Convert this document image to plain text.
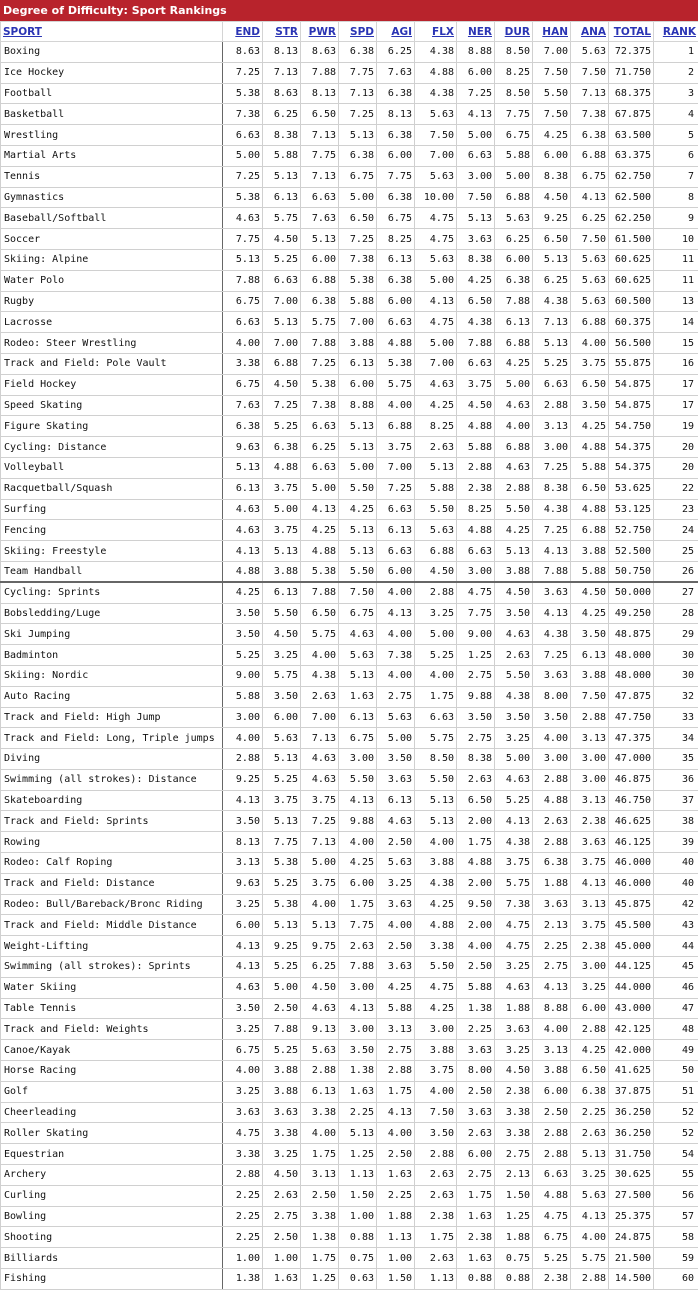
Degree of Difficulty: Sport Rankings
SPORT	END	STR	PWR	SPD	AGI	FLX	NER	DUR	HAN	ANA	TOTAL	RANK
Boxing	8.63	8.13	8.63	6.38	6.25	4.38	8.88	8.50	7.00	5.63	72.375	1
Ice Hockey	7.25	7.13	7.88	7.75	7.63	4.88	6.00	8.25	7.50	7.50	71.750	2
Football	5.38	8.63	8.13	7.13	6.38	4.38	7.25	8.50	5.50	7.13	68.375	3
Basketball	7.38	6.25	6.50	7.25	8.13	5.63	4.13	7.75	7.50	7.38	67.875	4
Wrestling	6.63	8.38	7.13	5.13	6.38	7.50	5.00	6.75	4.25	6.38	63.500	5
Martial Arts	5.00	5.88	7.75	6.38	6.00	7.00	6.63	5.88	6.00	6.88	63.375	6
Tennis	7.25	5.13	7.13	6.75	7.75	5.63	3.00	5.00	8.38	6.75	62.750	7
Gymnastics	5.38	6.13	6.63	5.00	6.38	10.00	7.50	6.88	4.50	4.13	62.500	8
Baseball/Softball	4.63	5.75	7.63	6.50	6.75	4.75	5.13	5.63	9.25	6.25	62.250	9
Soccer	7.75	4.50	5.13	7.25	8.25	4.75	3.63	6.25	6.50	7.50	61.500	10
Skiing: Alpine	5.13	5.25	6.00	7.38	6.13	5.63	8.38	6.00	5.13	5.63	60.625	11
Water Polo	7.88	6.63	6.88	5.38	6.38	5.00	4.25	6.38	6.25	5.63	60.625	11
Rugby	6.75	7.00	6.38	5.88	6.00	4.13	6.50	7.88	4.38	5.63	60.500	13
Lacrosse	6.63	5.13	5.75	7.00	6.63	4.75	4.38	6.13	7.13	6.88	60.375	14
Rodeo: Steer Wrestling	4.00	7.00	7.88	3.88	4.88	5.00	7.88	6.88	5.13	4.00	56.500	15
Track and Field: Pole Vault	3.38	6.88	7.25	6.13	5.38	7.00	6.63	4.25	5.25	3.75	55.875	16
Field Hockey	6.75	4.50	5.38	6.00	5.75	4.63	3.75	5.00	6.63	6.50	54.875	17
Speed Skating	7.63	7.25	7.38	8.88	4.00	4.25	4.50	4.63	2.88	3.50	54.875	17
Figure Skating	6.38	5.25	6.63	5.13	6.88	8.25	4.88	4.00	3.13	4.25	54.750	19
Cycling: Distance	9.63	6.38	6.25	5.13	3.75	2.63	5.88	6.88	3.00	4.88	54.375	20
Volleyball	5.13	4.88	6.63	5.00	7.00	5.13	2.88	4.63	7.25	5.88	54.375	20
Racquetball/Squash	6.13	3.75	5.00	5.50	7.25	5.88	2.38	2.88	8.38	6.50	53.625	22
Surfing	4.63	5.00	4.13	4.25	6.63	5.50	8.25	5.50	4.38	4.88	53.125	23
Fencing	4.63	3.75	4.25	5.13	6.13	5.63	4.88	4.25	7.25	6.88	52.750	24
Skiing: Freestyle	4.13	5.13	4.88	5.13	6.63	6.88	6.63	5.13	4.13	3.88	52.500	25
Team Handball	4.88	3.88	5.38	5.50	6.00	4.50	3.00	3.88	7.88	5.88	50.750	26
Cycling: Sprints	4.25	6.13	7.88	7.50	4.00	2.88	4.75	4.50	3.63	4.50	50.000	27
Bobsledding/Luge	3.50	5.50	6.50	6.75	4.13	3.25	7.75	3.50	4.13	4.25	49.250	28
Ski Jumping	3.50	4.50	5.75	4.63	4.00	5.00	9.00	4.63	4.38	3.50	48.875	29
Badminton	5.25	3.25	4.00	5.63	7.38	5.25	1.25	2.63	7.25	6.13	48.000	30
Skiing: Nordic	9.00	5.75	4.38	5.13	4.00	4.00	2.75	5.50	3.63	3.88	48.000	30
Auto Racing	5.88	3.50	2.63	1.63	2.75	1.75	9.88	4.38	8.00	7.50	47.875	32
Track and Field: High Jump	3.00	6.00	7.00	6.13	5.63	6.63	3.50	3.50	3.50	2.88	47.750	33
Track and Field: Long, Triple jumps	4.00	5.63	7.13	6.75	5.00	5.75	2.75	3.25	4.00	3.13	47.375	34
Diving	2.88	5.13	4.63	3.00	3.50	8.50	8.38	5.00	3.00	3.00	47.000	35
Swimming (all strokes): Distance	9.25	5.25	4.63	5.50	3.63	5.50	2.63	4.63	2.88	3.00	46.875	36
Skateboarding	4.13	3.75	3.75	4.13	6.13	5.13	6.50	5.25	4.88	3.13	46.750	37
Track and Field: Sprints	3.50	5.13	7.25	9.88	4.63	5.13	2.00	4.13	2.63	2.38	46.625	38
Rowing	8.13	7.75	7.13	4.00	2.50	4.00	1.75	4.38	2.88	3.63	46.125	39
Rodeo: Calf Roping	3.13	5.38	5.00	4.25	5.63	3.88	4.88	3.75	6.38	3.75	46.000	40
Track and Field: Distance	9.63	5.25	3.75	6.00	3.25	4.38	2.00	5.75	1.88	4.13	46.000	40
Rodeo: Bull/Bareback/Bronc Riding	3.25	5.38	4.00	1.75	3.63	4.25	9.50	7.38	3.63	3.13	45.875	42
Track and Field: Middle Distance	6.00	5.13	5.13	7.75	4.00	4.88	2.00	4.75	2.13	3.75	45.500	43
Weight-Lifting	4.13	9.25	9.75	2.63	2.50	3.38	4.00	4.75	2.25	2.38	45.000	44
Swimming (all strokes): Sprints	4.13	5.25	6.25	7.88	3.63	5.50	2.50	3.25	2.75	3.00	44.125	45
Water Skiing	4.63	5.00	4.50	3.00	4.25	4.75	5.88	4.63	4.13	3.25	44.000	46
Table Tennis	3.50	2.50	4.63	4.13	5.88	4.25	1.38	1.88	8.88	6.00	43.000	47
Track and Field: Weights	3.25	7.88	9.13	3.00	3.13	3.00	2.25	3.63	4.00	2.88	42.125	48
Canoe/Kayak	6.75	5.25	5.63	3.50	2.75	3.88	3.63	3.25	3.13	4.25	42.000	49
Horse Racing	4.00	3.88	2.88	1.38	2.88	3.75	8.00	4.50	3.88	6.50	41.625	50
Golf	3.25	3.88	6.13	1.63	1.75	4.00	2.50	2.38	6.00	6.38	37.875	51
Cheerleading	3.63	3.63	3.38	2.25	4.13	7.50	3.63	3.38	2.50	2.25	36.250	52
Roller Skating	4.75	3.38	4.00	5.13	4.00	3.50	2.63	3.38	2.88	2.63	36.250	52
Equestrian	3.38	3.25	1.75	1.25	2.50	2.88	6.00	2.75	2.88	5.13	31.750	54
Archery	2.88	4.50	3.13	1.13	1.63	2.63	2.75	2.13	6.63	3.25	30.625	55
Curling	2.25	2.63	2.50	1.50	2.25	2.63	1.75	1.50	4.88	5.63	27.500	56
Bowling	2.25	2.75	3.38	1.00	1.88	2.38	1.63	1.25	4.75	4.13	25.375	57
Shooting	2.25	2.50	1.38	0.88	1.13	1.75	2.38	1.88	6.75	4.00	24.875	58
Billiards	1.00	1.00	1.75	0.75	1.00	2.63	1.63	0.75	5.25	5.75	21.500	59
Fishing	1.38	1.63	1.25	0.63	1.50	1.13	0.88	0.88	2.38	2.88	14.500	60
